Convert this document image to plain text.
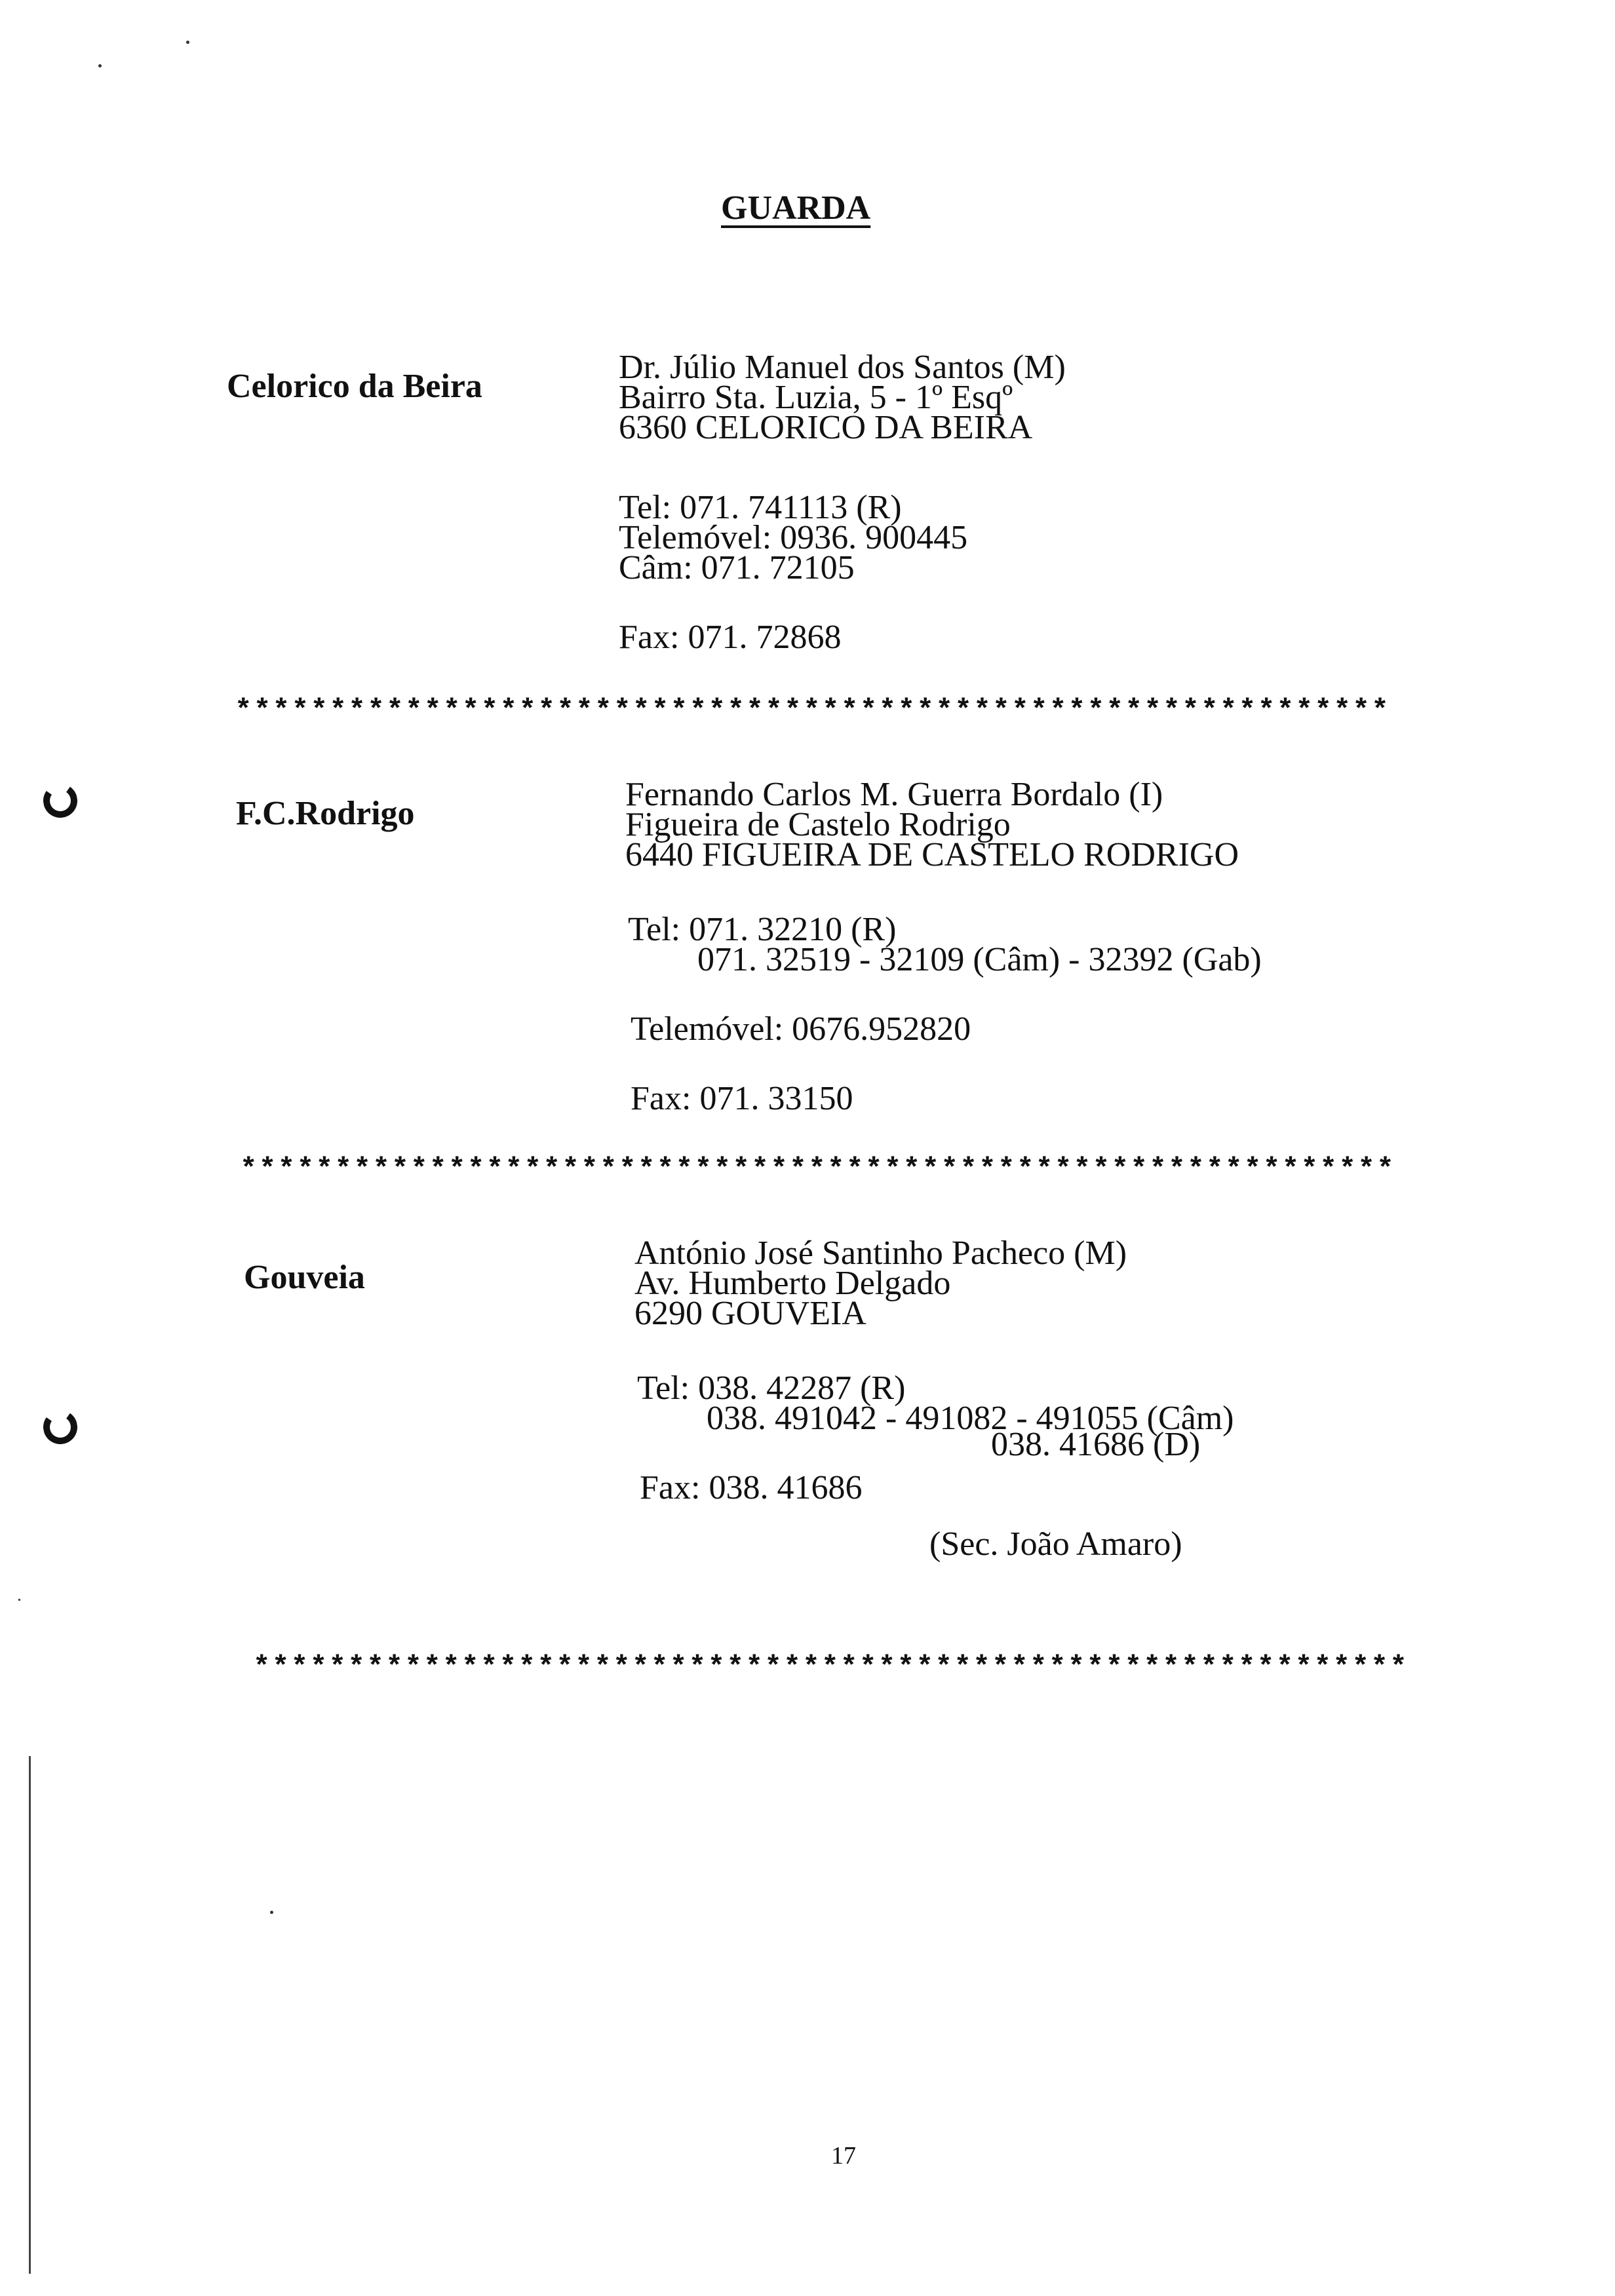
GUARDA
Celorico da Beira
Dr. Júlio Manuel dos Santos (M)
Bairro Sta. Luzia, 5 - 1º Esqº
6360 CELORICO DA BEIRA
Tel: 071. 741113 (R)
Telemóvel: 0936. 900445
Câm: 071. 72105
Fax: 071. 72868
*************************************************************
F.C.Rodrigo
Fernando Carlos M. Guerra Bordalo (I)
Figueira de Castelo Rodrigo
6440 FIGUEIRA DE CASTELO RODRIGO
Tel: 071. 32210 (R)
071. 32519 - 32109 (Câm) - 32392 (Gab)
Telemóvel: 0676.952820
Fax: 071. 33150
*************************************************************
Gouveia
António José Santinho Pacheco (M)
Av. Humberto Delgado
6290 GOUVEIA
Tel: 038. 42287 (R)
038. 491042 - 491082 - 491055 (Câm)
038. 41686 (D)
Fax: 038. 41686
(Sec. João Amaro)
*************************************************************
17
